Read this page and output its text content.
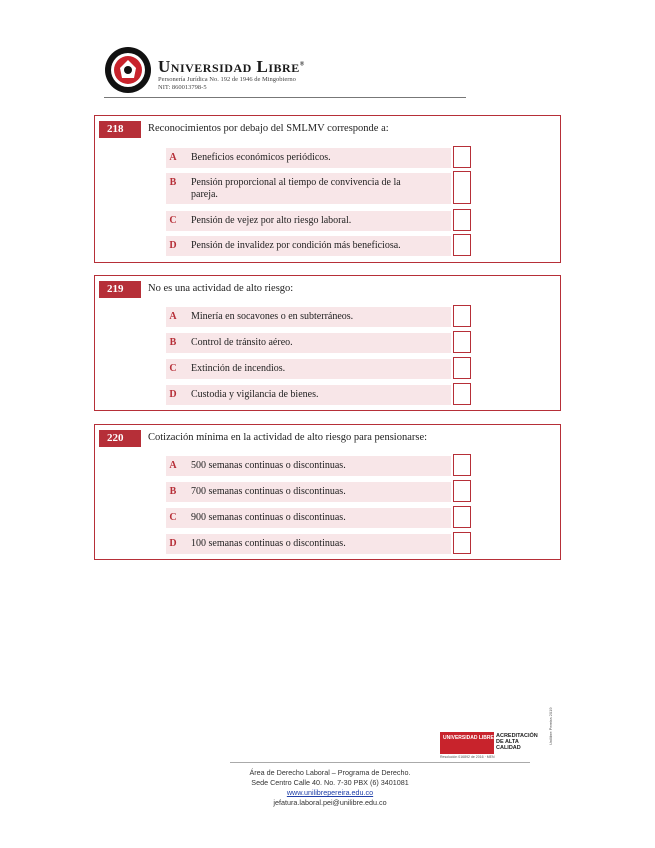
Universidad Libre®
Personería Jurídica No. 192 de 1946 de Mingobierno
NIT: 860013798-5
218	Reconocimientos por debajo del SMLMV corresponde a:
A	Beneficios económicos periódicos.
B	Pensión proporcional al tiempo de convivencia de la pareja.
C	Pensión de vejez por alto riesgo laboral.
D	Pensión de invalidez por condición más beneficiosa.
219	No es una actividad de alto riesgo:
A	Minería en socavones o en subterráneos.
B	Control de tránsito aéreo.
C	Extinción de incendios.
D	Custodia y vigilancia de bienes.
220	Cotización mínima en la actividad de alto riesgo para pensionarse:
A	500 semanas continuas o discontinuas.
B	700 semanas continuas o discontinuas.
C	900 semanas continuas o discontinuas.
D	100 semanas continuas o discontinuas.
UNIVERSIDAD LIBRE ACREDITACIÓN DE ALTA CALIDAD
Resolución 016892 de 2016 · MEN
Unilibre Pereira 2019
Área de Derecho Laboral – Programa de Derecho.
Sede Centro Calle 40. No. 7-30 PBX (6) 3401081
www.unilibrepereira.edu.co
jefatura.laboral.pei@unilibre.edu.co
